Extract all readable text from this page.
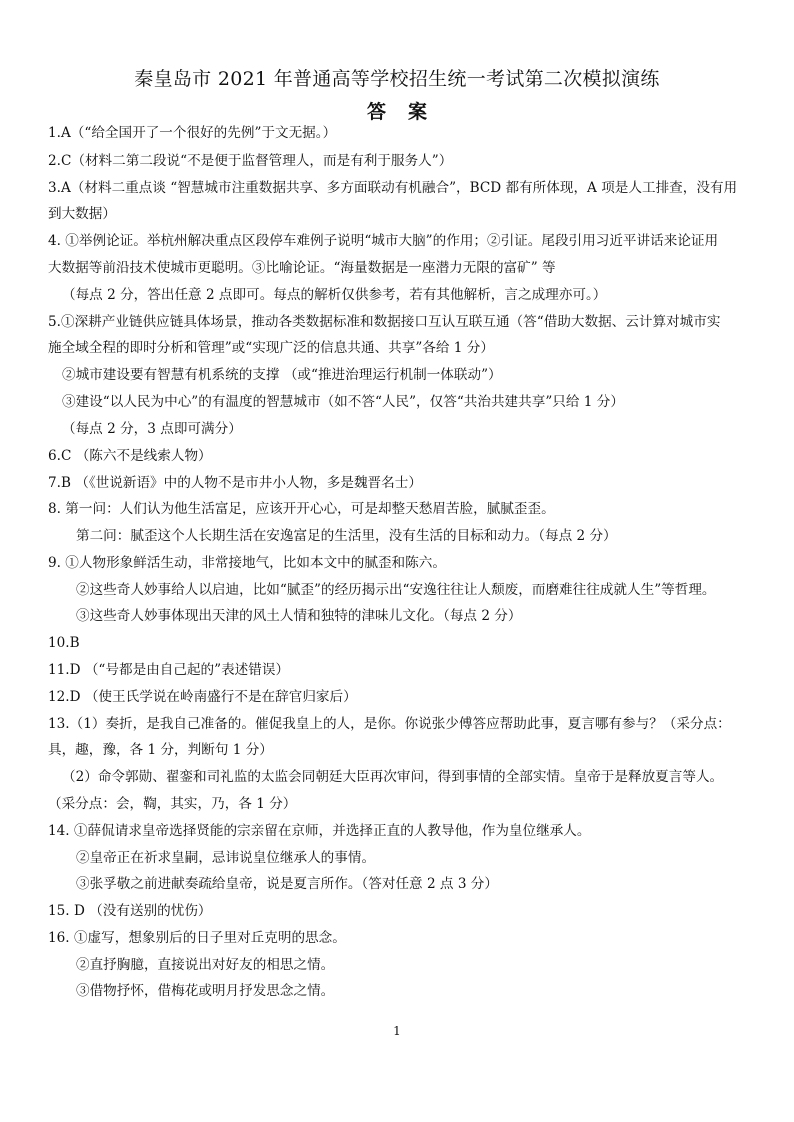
秦皇岛市 2021 年普通高等学校招生统一考试第二次模拟演练
答案
1.A（“给全国开了一个很好的先例”于文无据。）
2.C（材料二第二段说“不是便于监督管理人，而是有利于服务人”）
3.A（材料二重点谈 “智慧城市注重数据共享、多方面联动有机融合”，BCD 都有所体现，A 项是人工排查，没有用
到大数据）
4. ①举例论证。举杭州解决重点区段停车难例子说明“城市大脑”的作用；②引证。尾段引用习近平讲话来论证用
大数据等前沿技术使城市更聪明。③比喻论证。“海量数据是一座潜力无限的富矿” 等
（每点 2 分，答出任意 2 点即可。每点的解析仅供参考，若有其他解析，言之成理亦可。）
5.①深耕产业链供应链具体场景，推动各类数据标准和数据接口互认互联互通（答“借助大数据、云计算对城市实
施全域全程的即时分析和管理”或“实现广泛的信息共通、共享”各给 1 分）
②城市建设要有智慧有机系统的支撑 （或“推进治理运行机制一体联动”）
③建设“以人民为中心”的有温度的智慧城市（如不答“人民”，仅答“共治共建共享”只给 1 分）
（每点 2 分，3 点即可满分）
6.C （陈六不是线索人物）
7.B （《世说新语》中的人物不是市井小人物，多是魏晋名士）
8. 第一问：人们认为他生活富足，应该开开心心，可是却整天愁眉苦脸，腻腻歪歪。
第二问：腻歪这个人长期生活在安逸富足的生活里，没有生活的目标和动力。（每点 2 分）
9. ①人物形象鲜活生动，非常接地气，比如本文中的腻歪和陈六。
②这些奇人妙事给人以启迪，比如“腻歪”的经历揭示出“安逸往往让人颓废，而磨难往往成就人生”等哲理。
③这些奇人妙事体现出天津的风土人情和独特的津味儿文化。（每点 2 分）
10.B
11.D （“号都是由自己起的”表述错误）
12.D （使王氏学说在岭南盛行不是在辞官归家后）
13.（1）奏折，是我自己准备的。催促我皇上的人，是你。你说张少傅答应帮助此事，夏言哪有参与？（采分点：
具，趣，豫，各 1 分，判断句 1 分）
（2）命令郭勋、翟銮和司礼监的太监会同朝廷大臣再次审问，得到事情的全部实情。皇帝于是释放夏言等人。
（采分点：会，鞫，其实，乃，各 1 分）
14. ①薛侃请求皇帝选择贤能的宗亲留在京师，并选择正直的人教导他，作为皇位继承人。
②皇帝正在祈求皇嗣，忌讳说皇位继承人的事情。
③张孚敬之前进献奏疏给皇帝，说是夏言所作。（答对任意 2 点 3 分）
15. D （没有送别的忧伤）
16. ①虚写，想象别后的日子里对丘克明的思念。
②直抒胸臆，直接说出对好友的相思之情。
③借物抒怀，借梅花或明月抒发思念之情。
1
